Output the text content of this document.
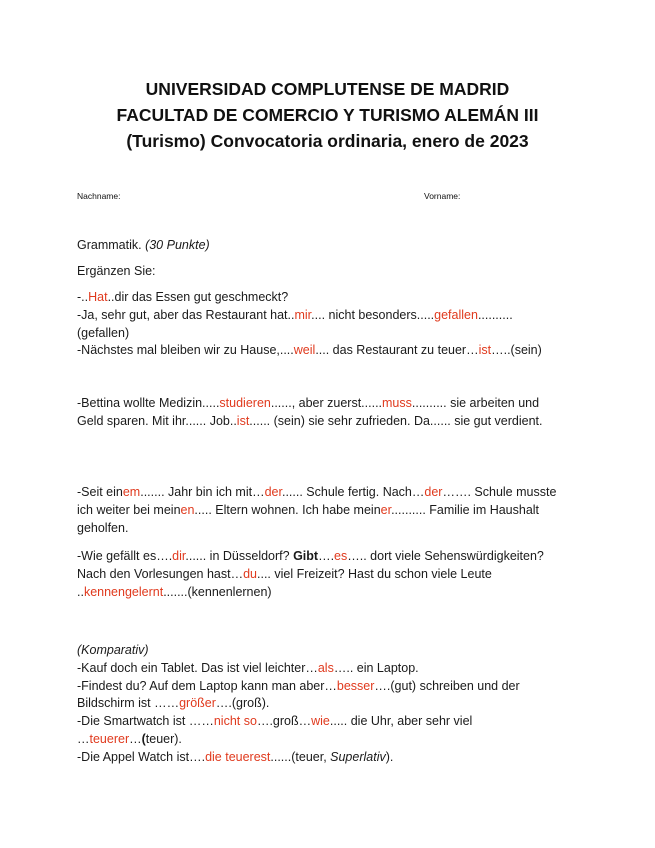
UNIVERSIDAD COMPLUTENSE DE MADRID
FACULTAD DE COMERCIO Y TURISMO ALEMÁN III
(Turismo) Convocatoria ordinaria, enero de 2023
Nachname:	Vorname:
Grammatik. (30 Punkte)
Ergänzen Sie:
-..Hat..dir das Essen gut geschmeckt?
-Ja, sehr gut, aber das Restaurant hat..mir.... nicht besonders.....gefallen..........
(gefallen)
-Nächstes mal bleiben wir zu Hause,....weil.... das Restaurant zu teuer…ist…..(sein)
-Bettina wollte Medizin.....studieren......, aber zuerst......muss.......... sie arbeiten und
Geld sparen. Mit ihr...... Job..ist...... (sein) sie sehr zufrieden. Da...... sie gut verdient.
-Seit einem....... Jahr bin ich mit…der...... Schule fertig. Nach…der……. Schule musste
ich weiter bei meinen..... Eltern wohnen. Ich habe meiner.......... Familie im Haushalt
geholfen.
-Wie gefällt es….dir...... in Düsseldorf? Gibt….es….. dort viele Sehenswürdigkeiten?
Nach den Vorlesungen hast…du.... viel Freizeit? Hast du schon viele Leute
..kennengelernt.......(kennenlernen)
(Komparativ)
-Kauf doch ein Tablet. Das ist viel leichter…als….. ein Laptop.
-Findest du? Auf dem Laptop kann man aber…besser….(gut) schreiben und der
Bildschirm ist ……größer….(groß).
-Die Smartwatch ist ……nicht so….groß…wie..... die Uhr, aber sehr viel
…teuerer…(teuer).
-Die Appel Watch ist….die teuerest......(teuer, Superlativ).
